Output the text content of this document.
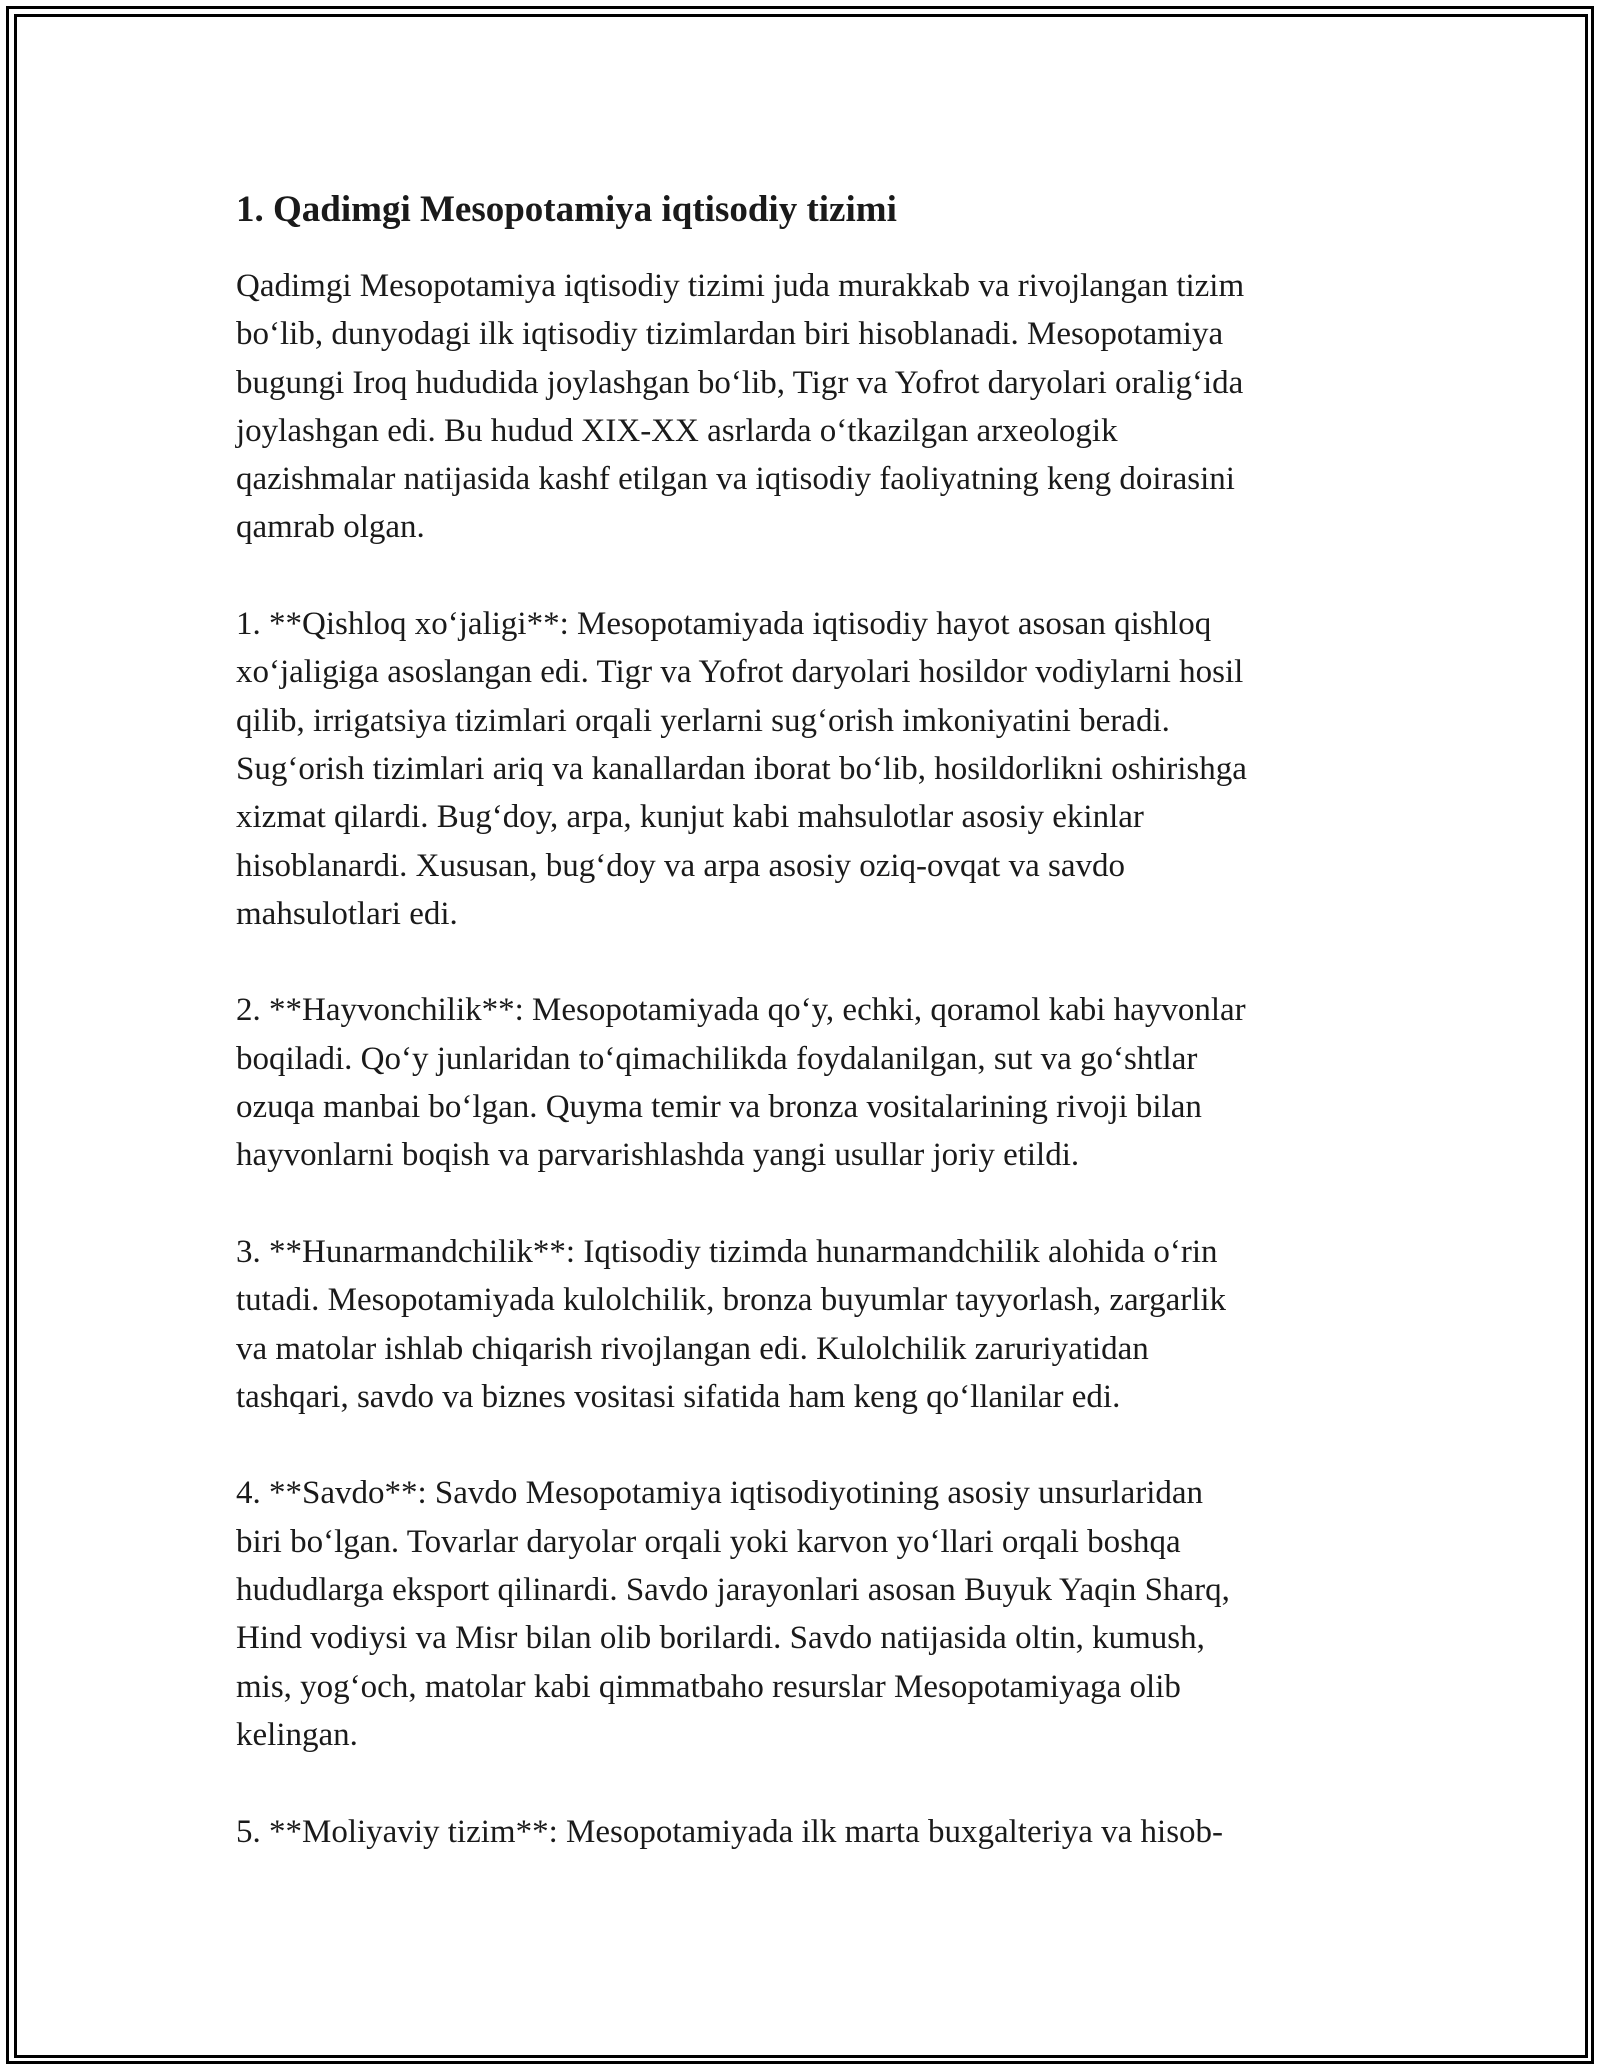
1. Qadimgi Mesopotamiya iqtisodiy tizimi
Qadimgi Mesopotamiya iqtisodiy tizimi juda murakkab va rivojlangan tizim
bo‘lib, dunyodagi ilk iqtisodiy tizimlardan biri hisoblanadi. Mesopotamiya
bugungi Iroq hududida joylashgan bo‘lib, Tigr va Yofrot daryolari oralig‘ida
joylashgan edi. Bu hudud XIX-XX asrlarda o‘tkazilgan arxeologik
qazishmalar natijasida kashf etilgan va iqtisodiy faoliyatning keng doirasini
qamrab olgan.
1. **Qishloq xo‘jaligi**: Mesopotamiyada iqtisodiy hayot asosan qishloq
xo‘jaligiga asoslangan edi. Tigr va Yofrot daryolari hosildor vodiylarni hosil
qilib, irrigatsiya tizimlari orqali yerlarni sug‘orish imkoniyatini beradi.
Sug‘orish tizimlari ariq va kanallardan iborat bo‘lib, hosildorlikni oshirishga
xizmat qilardi. Bug‘doy, arpa, kunjut kabi mahsulotlar asosiy ekinlar
hisoblanardi. Xususan, bug‘doy va arpa asosiy oziq-ovqat va savdo
mahsulotlari edi.
2. **Hayvonchilik**: Mesopotamiyada qo‘y, echki, qoramol kabi hayvonlar
boqiladi. Qo‘y junlaridan to‘qimachilikda foydalanilgan, sut va go‘shtlar
ozuqa manbai bo‘lgan. Quyma temir va bronza vositalarining rivoji bilan
hayvonlarni boqish va parvarishlashda yangi usullar joriy etildi.
3. **Hunarmandchilik**: Iqtisodiy tizimda hunarmandchilik alohida o‘rin
tutadi. Mesopotamiyada kulolchilik, bronza buyumlar tayyorlash, zargarlik
va matolar ishlab chiqarish rivojlangan edi. Kulolchilik zaruriyatidan
tashqari, savdo va biznes vositasi sifatida ham keng qo‘llanilar edi.
4. **Savdo**: Savdo Mesopotamiya iqtisodiyotining asosiy unsurlaridan
biri bo‘lgan. Tovarlar daryolar orqali yoki karvon yo‘llari orqali boshqa
hududlarga eksport qilinardi. Savdo jarayonlari asosan Buyuk Yaqin Sharq,
Hind vodiysi va Misr bilan olib borilardi. Savdo natijasida oltin, kumush,
mis, yog‘och, matolar kabi qimmatbaho resurslar Mesopotamiyaga olib
kelingan.
5. **Moliyaviy tizim**: Mesopotamiyada ilk marta buxgalteriya va hisob-
